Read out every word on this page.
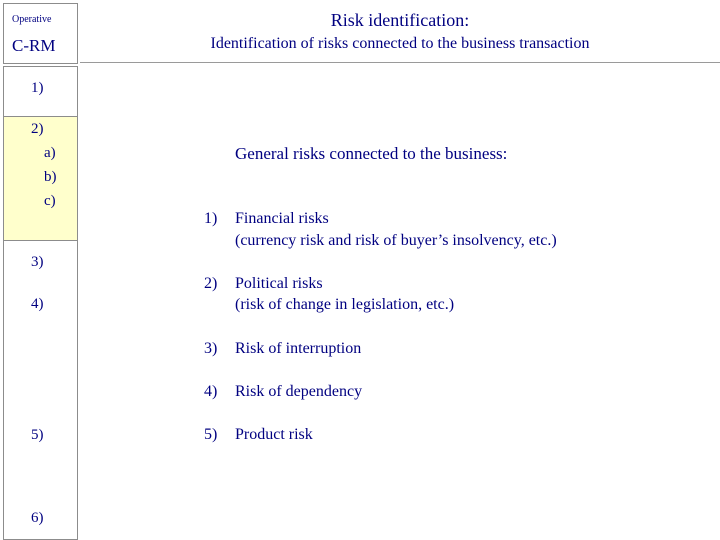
Operative
C-RM
1)
2)
a)
b)
c)
3)
4)
5)
6)
Risk identification:
Identification of risks connected to the business transaction
General risks connected to the business:
1) Financial risks
(currency risk and risk of buyer’s insolvency, etc.)
2) Political risks
(risk of change in legislation, etc.)
3) Risk of interruption
4) Risk of dependency
5) Product risk
